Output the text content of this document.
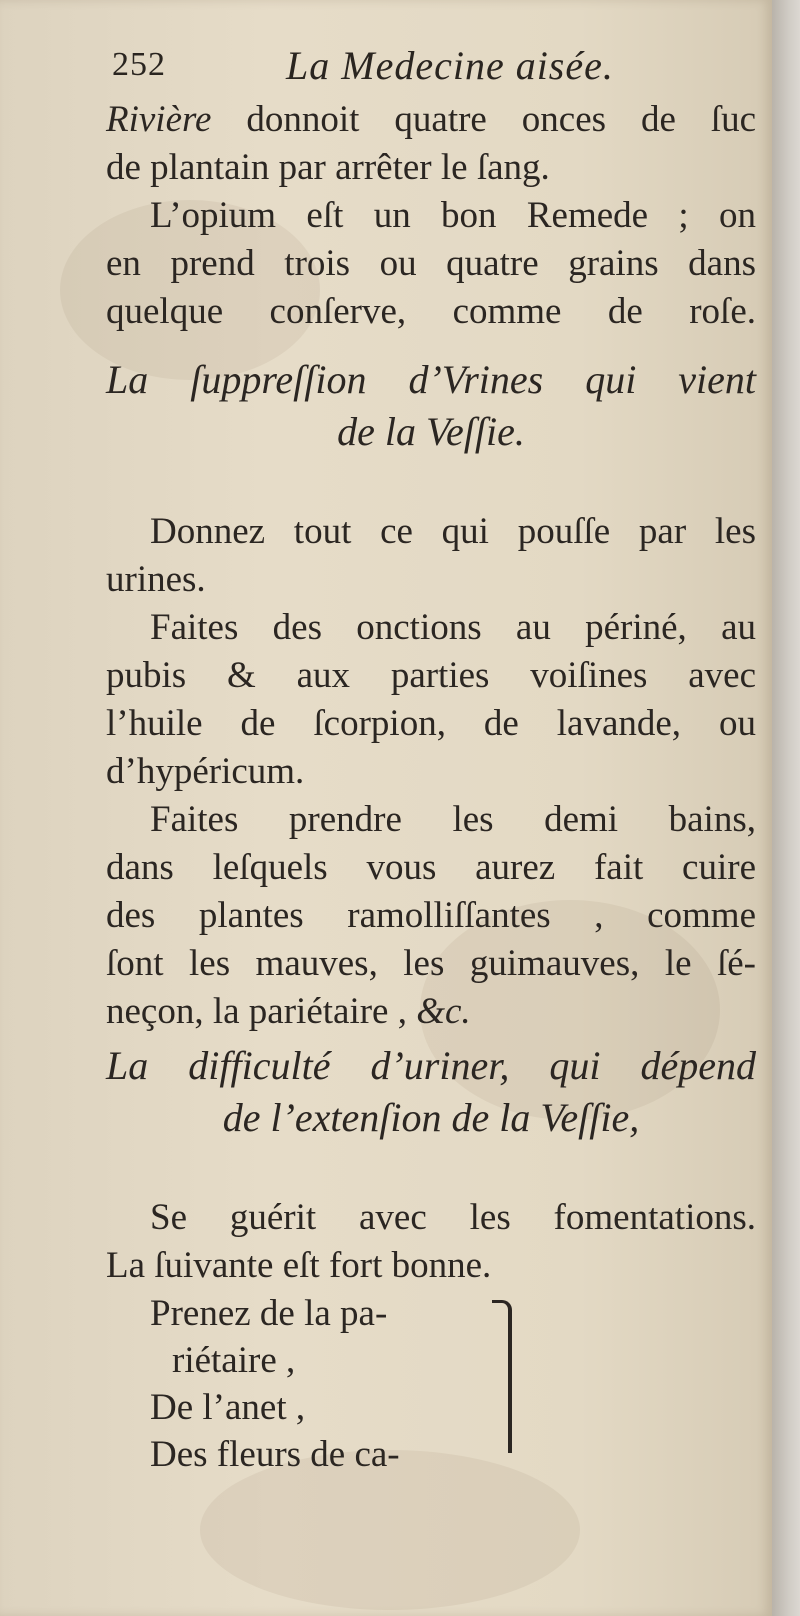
252	La Medecine aisée.
Rivière donnoit quatre onces de ſuc
de plantain par arrêter le ſang.
L’opium eſt un bon Remede ; on
en prend trois ou quatre grains dans
quelque conſerve, comme de roſe.
La ſuppreſſion d’Vrines qui vient
de la Veſſie.
Donnez tout ce qui pouſſe par les
urines.
Faites des onctions au périné, au
pubis & aux parties voiſines avec
l’huile de ſcorpion, de lavande, ou
d’hypéricum.
Faites prendre les demi bains,
dans leſquels vous aurez fait cuire
des plantes ramolliſſantes , comme
ſont les mauves, les guimauves, le ſé-
neçon, la pariétaire , &c.
La difficulté d’uriner, qui dépend
de l’extenſion de la Veſſie,
Se guérit avec les fomentations.
La ſuivante eſt fort bonne.
Prenez de la pa-
riétaire ,
De l’anet ,
Des fleurs de ca-
